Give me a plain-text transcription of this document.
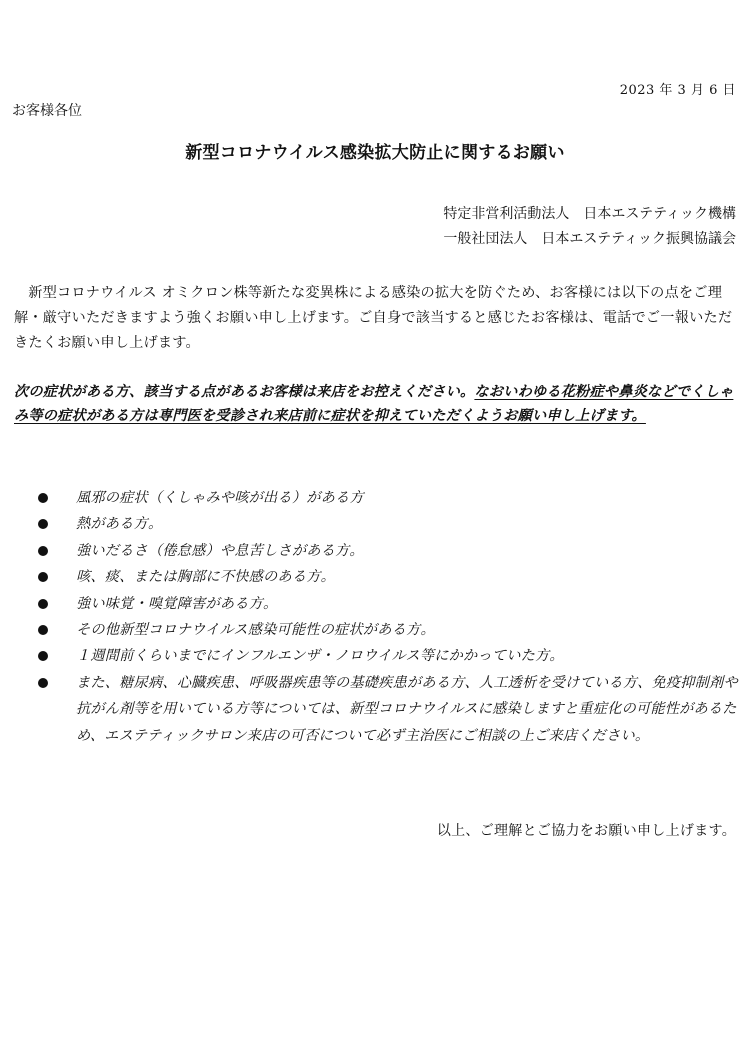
2023 年 3 月 6 日
お客様各位
新型コロナウイルス感染拡大防止に関するお願い
特定非営利活動法人　日本エステティック機構
一般社団法人　日本エステティック振興協議会

新型コロナウイルス オミクロン株等新たな変異株による感染の拡大を防ぐため、お客様には以下の点をご理解・厳守いただきますよう強くお願い申し上げます。ご自身で該当すると感じたお客様は、電話でご一報いただきたくお願い申し上げます。

次の症状がある方、該当する点があるお客様は来店をお控えください。なおいわゆる花粉症や鼻炎などでくしゃみ等の症状がある方は専門医を受診され来店前に症状を抑えていただくようお願い申し上げます。

風邪の症状（くしゃみや咳が出る）がある方
熱がある方。
強いだるさ（倦怠感）や息苦しさがある方。
咳、痰、または胸部に不快感のある方。
強い味覚・嗅覚障害がある方。
その他新型コロナウイルス感染可能性の症状がある方。
１週間前くらいまでにインフルエンザ・ノロウイルス等にかかっていた方。
また、糖尿病、心臓疾患、呼吸器疾患等の基礎疾患がある方、人工透析を受けている方、免疫抑制剤や抗がん剤等を用いている方等については、新型コロナウイルスに感染しますと重症化の可能性があるため、エステティックサロン来店の可否について必ず主治医にご相談の上ご来店ください。
以上、ご理解とご協力をお願い申し上げます。
